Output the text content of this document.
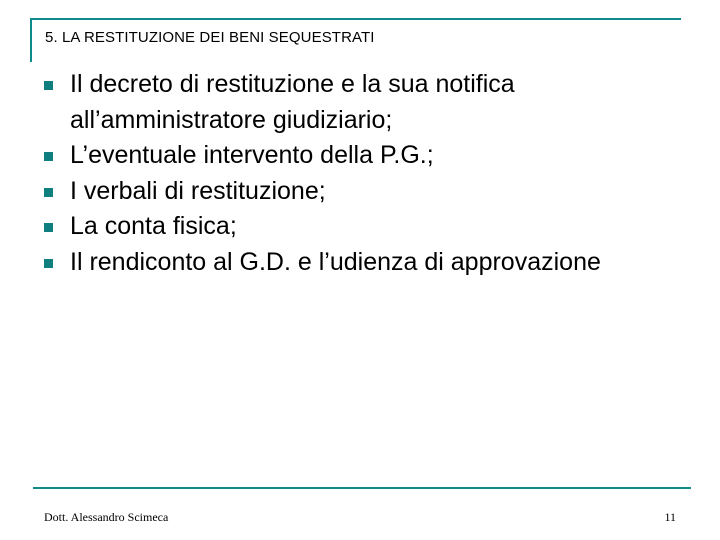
5. LA RESTITUZIONE DEI BENI SEQUESTRATI
Il decreto di restituzione e la sua notifica all’amministratore giudiziario;
L’eventuale intervento della P.G.;
I verbali di restituzione;
La conta fisica;
Il rendiconto al G.D. e l’udienza di approvazione
Dott. Alessandro Scimeca	11
